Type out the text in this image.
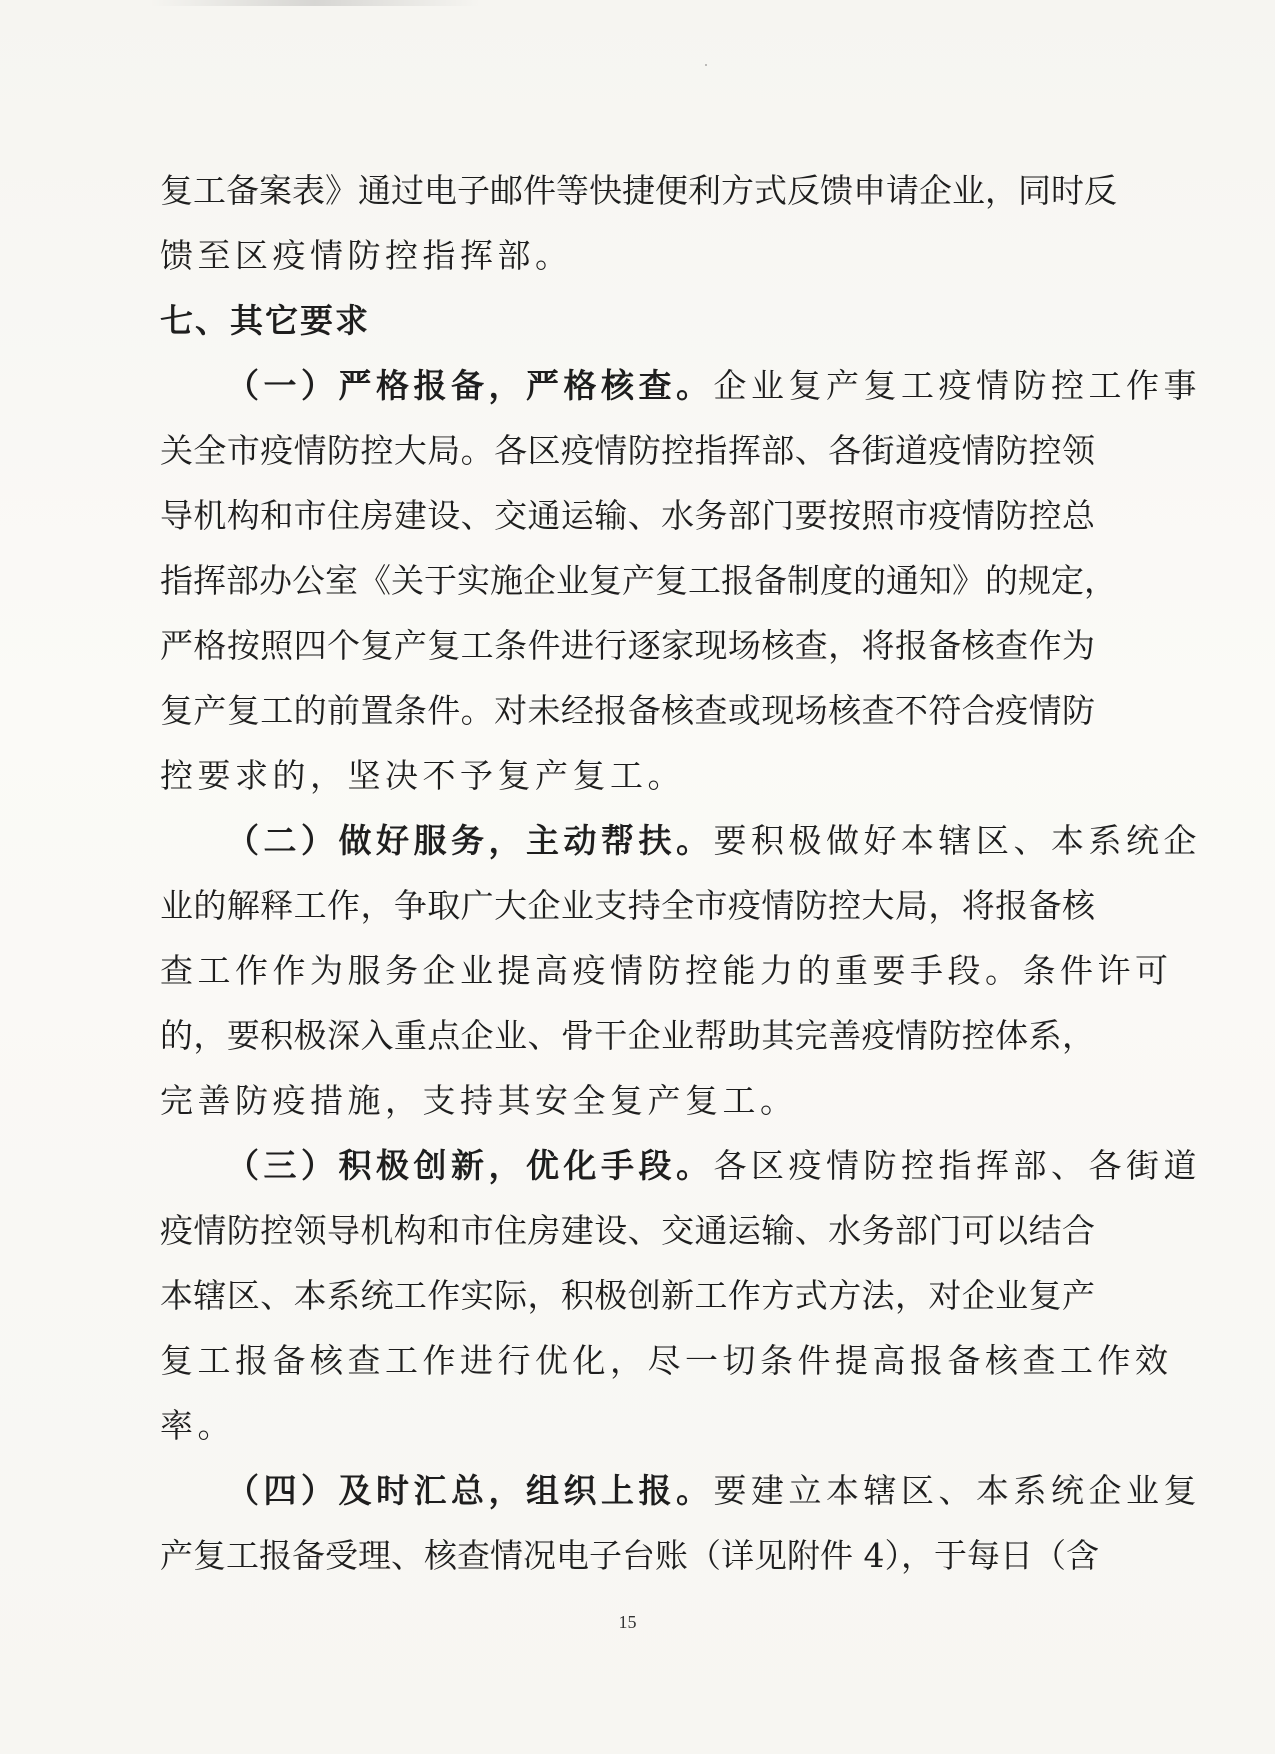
复工备案表》通过电子邮件等快捷便利方式反馈申请企业，同时反
馈至区疫情防控指挥部。
七、其它要求
（一）严格报备，严格核查。企业复产复工疫情防控工作事
关全市疫情防控大局。各区疫情防控指挥部、各街道疫情防控领
导机构和市住房建设、交通运输、水务部门要按照市疫情防控总
指挥部办公室《关于实施企业复产复工报备制度的通知》的规定，
严格按照四个复产复工条件进行逐家现场核查，将报备核查作为
复产复工的前置条件。对未经报备核查或现场核查不符合疫情防
控要求的，坚决不予复产复工。
（二）做好服务，主动帮扶。要积极做好本辖区、本系统企
业的解释工作，争取广大企业支持全市疫情防控大局，将报备核
查工作作为服务企业提高疫情防控能力的重要手段。条件许可
的，要积极深入重点企业、骨干企业帮助其完善疫情防控体系，
完善防疫措施，支持其安全复产复工。
（三）积极创新，优化手段。各区疫情防控指挥部、各街道
疫情防控领导机构和市住房建设、交通运输、水务部门可以结合
本辖区、本系统工作实际，积极创新工作方式方法，对企业复产
复工报备核查工作进行优化，尽一切条件提高报备核查工作效
率。
（四）及时汇总，组织上报。要建立本辖区、本系统企业复
产复工报备受理、核查情况电子台账（详见附件 4），于每日（含
15
